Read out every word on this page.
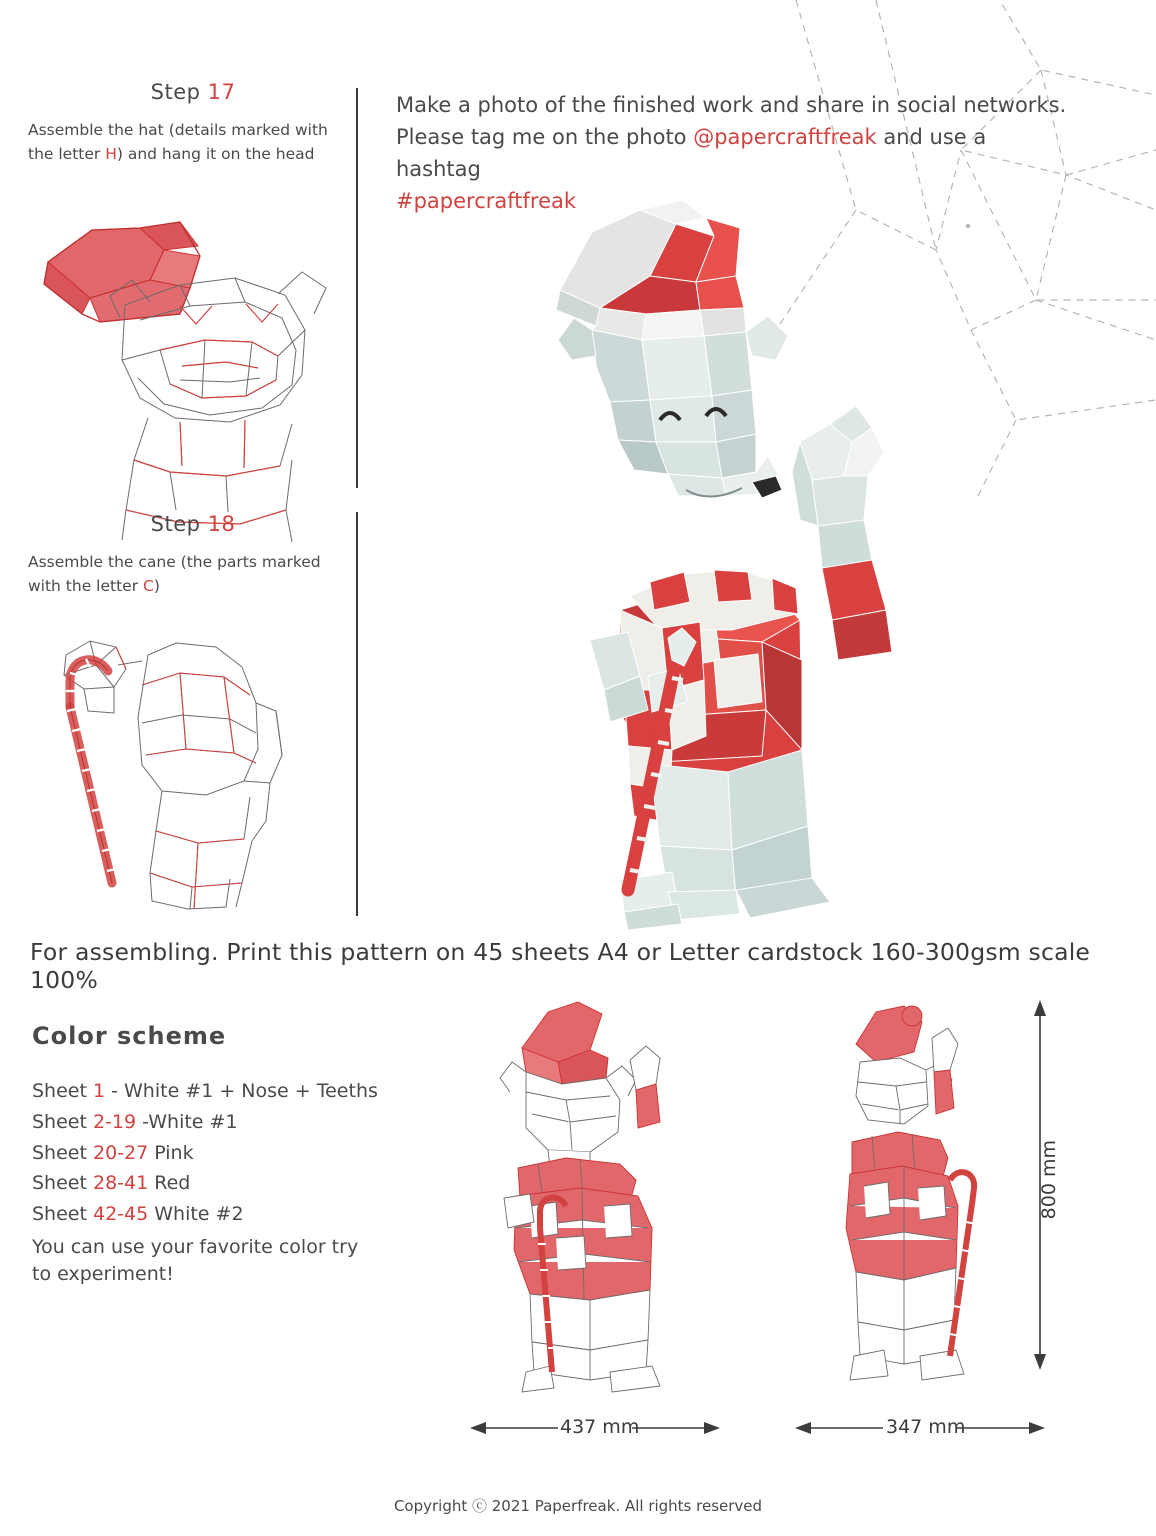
Step 17

Assemble the hat (details marked with
the letter H) and hang it on the head

Step 18

Assemble the cane (the parts marked
with the letter C)

Make a photo of the finished work and share in social networks.

Please tag me on the photo @papercraftfreak and use a hashtag

#papercraftfreak

For assembling. Print this pattern on 45 sheets A4 or Letter cardstock 160-300gsm scale 100%
Color scheme
Sheet 1 - White #1 + Nose + Teeths
Sheet 2-19 -White #1
Sheet 20-27 Pink
Sheet 28-41 Red
Sheet 42-45 White #2
You can use your favorite color try
to experiment!
800 mm
437 mm	347 mm
Copyright ⓒ 2021 Paperfreak. All rights reserved
